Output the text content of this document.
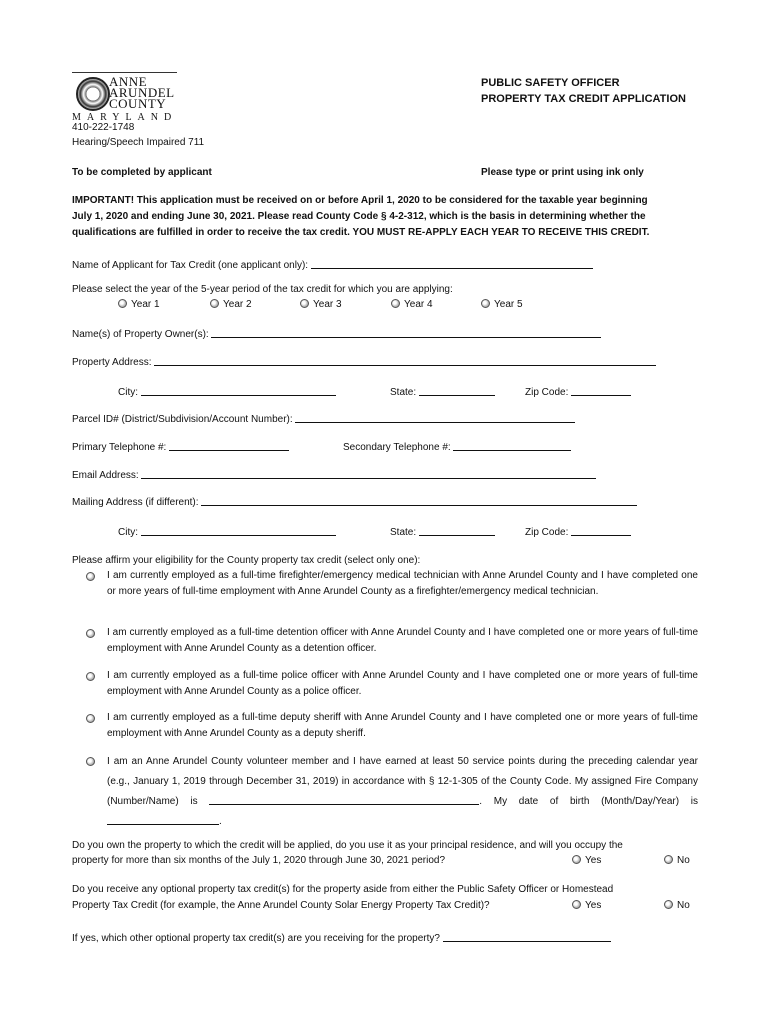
ANNE
ARUNDEL
COUNTY
MARYLAND
410-222-1748
Hearing/Speech Impaired 711
PUBLIC SAFETY OFFICER
PROPERTY TAX CREDIT APPLICATION
To be completed by applicant	Please type or print using ink only
IMPORTANT! This application must be received on or before April 1, 2020 to be considered for the taxable year beginning
July 1, 2020 and ending June 30, 2021. Please read County Code § 4-2-312, which is the basis in determining whether the
qualifications are fulfilled in order to receive the tax credit. YOU MUST RE-APPLY EACH YEAR TO RECEIVE THIS CREDIT.
Name of Applicant for Tax Credit (one applicant only):
Please select the year of the 5-year period of the tax credit for which you are applying:
Year 1	Year 2	Year 3	Year 4	Year 5
Name(s) of Property Owner(s):
Property Address:
City:	State:	Zip Code:
Parcel ID# (District/Subdivision/Account Number):
Primary Telephone #:	Secondary Telephone #:
Email Address:
Mailing Address (if different):
City:	State:	Zip Code:
Please affirm your eligibility for the County property tax credit (select only one):
I am currently employed as a full-time firefighter/emergency medical technician with Anne Arundel County and I have completed one or more years of full-time employment with Anne Arundel County as a firefighter/emergency medical technician.
I am currently employed as a full-time detention officer with Anne Arundel County and I have completed one or more years of full-time employment with Anne Arundel County as a detention officer.
I am currently employed as a full-time police officer with Anne Arundel County and I have completed one or more years of full-time employment with Anne Arundel County as a police officer.
I am currently employed as a full-time deputy sheriff with Anne Arundel County and I have completed one or more years of full-time employment with Anne Arundel County as a deputy sheriff.
I am an Anne Arundel County volunteer member and I have earned at least 50 service points during the preceding calendar year (e.g., January 1, 2019 through December 31, 2019) in accordance with § 12-1-305 of the County Code. My assigned Fire Company (Number/Name) is	. My date of birth (Month/Day/Year) is .
Do you own the property to which the credit will be applied, do you use it as your principal residence, and will you occupy the
property for more than six months of the July 1, 2020 through June 30, 2021 period?	Yes	No
Do you receive any optional property tax credit(s) for the property aside from either the Public Safety Officer or Homestead
Property Tax Credit (for example, the Anne Arundel County Solar Energy Property Tax Credit)?	Yes	No
If yes, which other optional property tax credit(s) are you receiving for the property?
